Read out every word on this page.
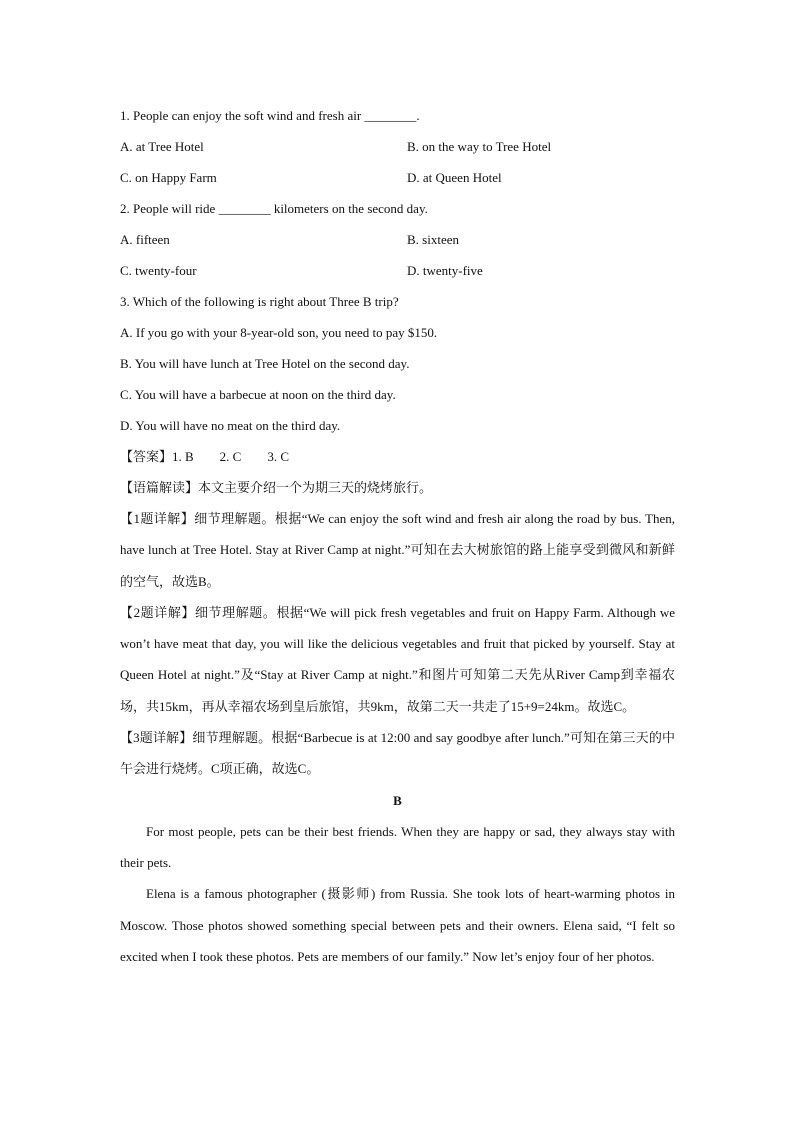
1. People can enjoy the soft wind and fresh air ________.
A. at Tree Hotel	B. on the way to Tree Hotel
C. on Happy Farm	D. at Queen Hotel
2. People will ride ________ kilometers on the second day.
A. fifteen	B. sixteen
C. twenty-four	D. twenty-five
3. Which of the following is right about Three B trip?
A. If you go with your 8-year-old son, you need to pay $150.
B. You will have lunch at Tree Hotel on the second day.
C. You will have a barbecue at noon on the third day.
D. You will have no meat on the third day.
【答案】1. B        2. C        3. C
【语篇解读】本文主要介绍一个为期三天的烧烤旅行。
【1题详解】细节理解题。根据“We can enjoy the soft wind and fresh air along the road by bus. Then, have lunch at Tree Hotel. Stay at River Camp at night.”可知在去大树旅馆的路上能享受到微风和新鲜的空气，故选B。
【2题详解】细节理解题。根据“We will pick fresh vegetables and fruit on Happy Farm. Although we won’t have meat that day, you will like the delicious vegetables and fruit that picked by yourself. Stay at Queen Hotel at night.”及“Stay at River Camp at night.”和图片可知第二天先从River Camp到幸福农场，共15km，再从幸福农场到皇后旅馆，共9km，故第二天一共走了15+9=24km。故选C。
【3题详解】细节理解题。根据“Barbecue is at 12:00 and say goodbye after lunch.”可知在第三天的中午会进行烧烤。C项正确，故选C。
B
For most people, pets can be their best friends. When they are happy or sad, they always stay with their pets.
Elena is a famous photographer (摄影师) from Russia. She took lots of heart-warming photos in Moscow. Those photos showed something special between pets and their owners. Elena said, “I felt so excited when I took these photos. Pets are members of our family.” Now let’s enjoy four of her photos.
